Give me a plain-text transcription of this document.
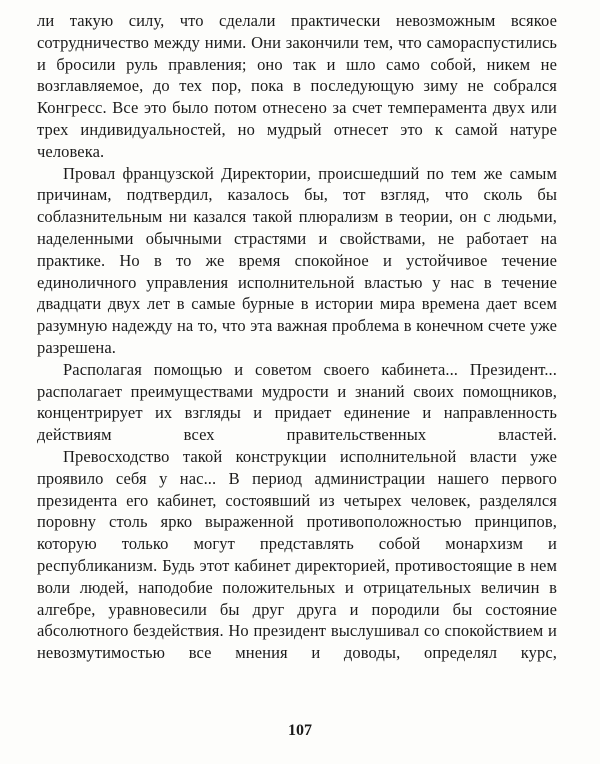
ли такую силу, что сделали практически невозможным всякое сотрудничество между ними. Они закончили тем, что самораспустились и бросили руль правления; оно так и шло само собой, никем не возглавляемое, до тех пор, пока в последующую зиму не собрался Конгресс. Все это было потом отнесено за счет темперамента двух или трех индивидуальностей, но мудрый отнесет это к самой натуре человека.

Провал французской Директории, происшедший по тем же самым причинам, подтвердил, казалось бы, тот взгляд, что сколь бы соблазнительным ни казался такой плюрализм в теории, он с людьми, наделенными обычными страстями и свойствами, не работает на практике. Но в то же время спокойное и устойчивое течение единоличного управления исполнительной властью у нас в течение двадцати двух лет в самые бурные в истории мира времена дает всем разумную надежду на то, что эта важная проблема в конечном счете уже разрешена.

Располагая помощью и советом своего кабинета... Президент... располагает преимуществами мудрости и знаний своих помощников, концентрирует их взгляды и придает единение и направленность действиям всех правительственных властей.

Превосходство такой конструкции исполнительной власти уже проявило себя у нас... В период администрации нашего первого президента его кабинет, состоявший из четырех человек, разделялся поровну столь ярко выраженной противоположностью принципов, которую только могут представлять собой монархизм и республиканизм. Будь этот кабинет директорией, противостоящие в нем воли людей, наподобие положительных и отрицательных величин в алгебре, уравновесили бы друг друга и породили бы состояние абсолютного бездействия. Но президент выслушивал со спокойствием и невозмутимостью все мнения и доводы, определял курс,

107
